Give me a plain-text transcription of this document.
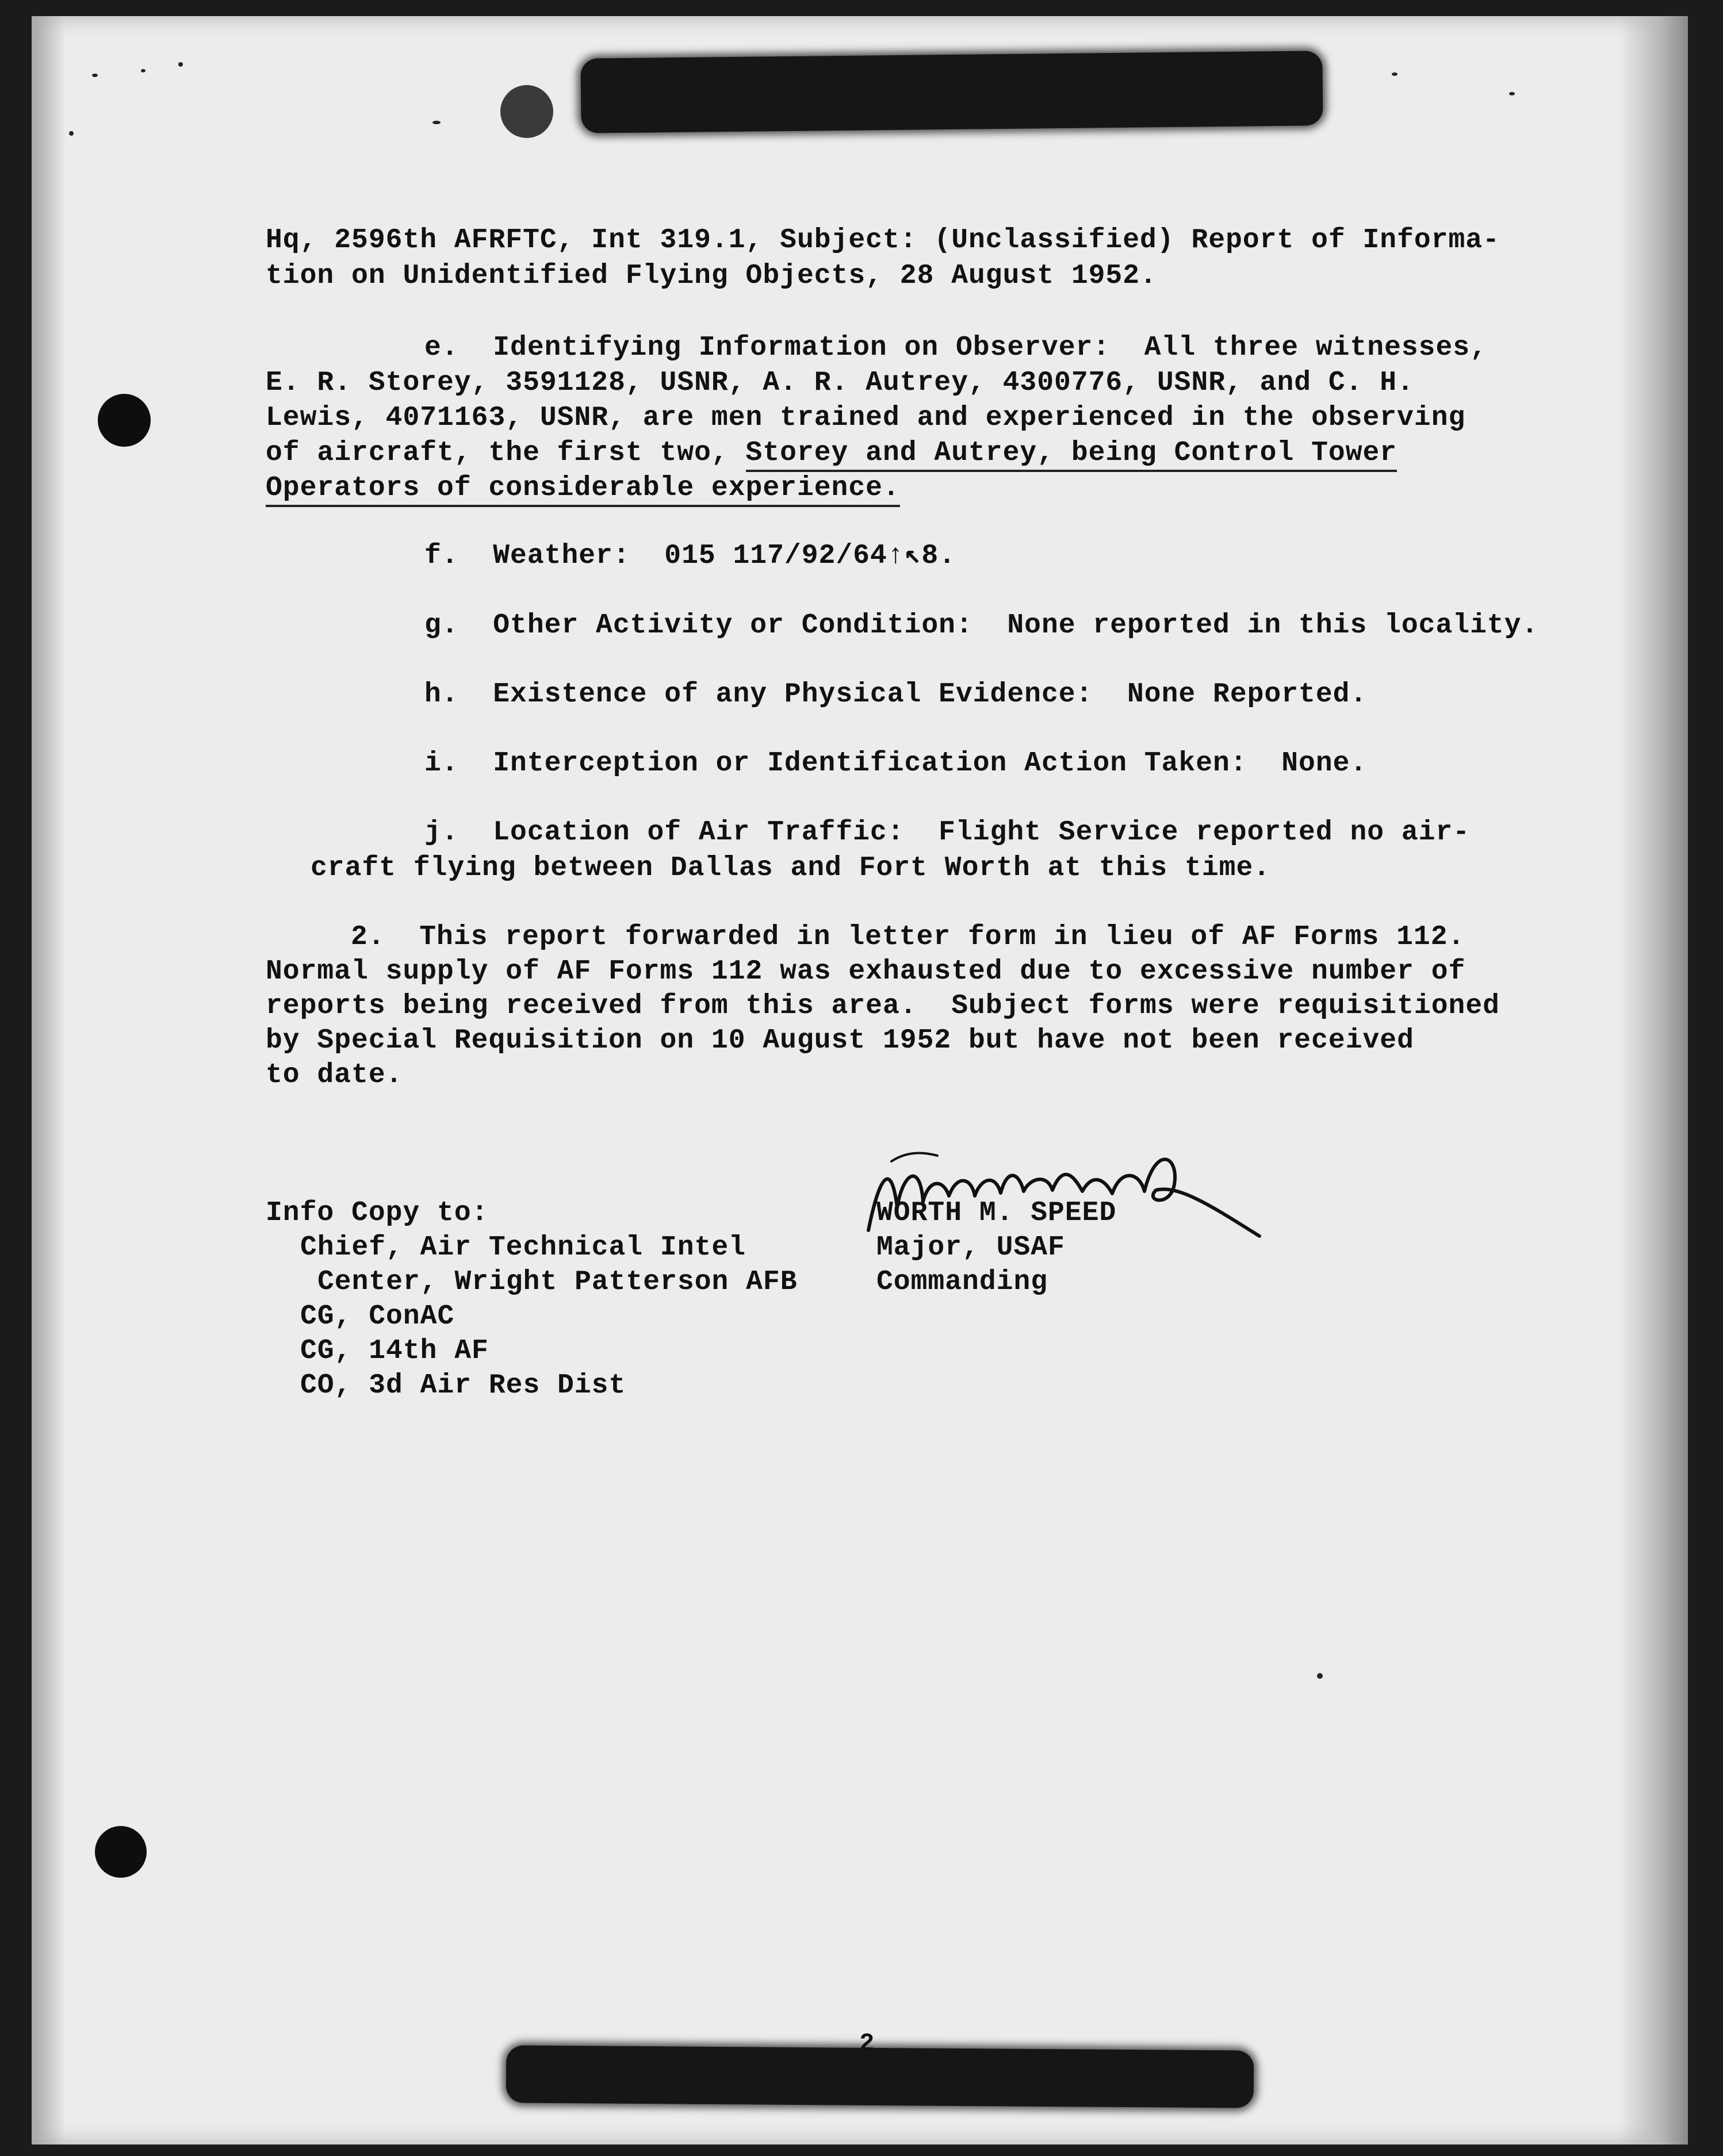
Hq, 2596th AFRFTC, Int 319.1, Subject: (Unclassified) Report of Informa-
tion on Unidentified Flying Objects, 28 August 1952.
e.  Identifying Information on Observer:  All three witnesses,
E. R. Storey, 3591128, USNR, A. R. Autrey, 4300776, USNR, and C. H.
Lewis, 4071163, USNR, are men trained and experienced in the observing
of aircraft, the first two, Storey and Autrey, being Control Tower
Operators of considerable experience.
f.  Weather:  015 117/92/64↑↖8.
g.  Other Activity or Condition:  None reported in this locality.
h.  Existence of any Physical Evidence:  None Reported.
i.  Interception or Identification Action Taken:  None.
j.  Location of Air Traffic:  Flight Service reported no air-
craft flying between Dallas and Fort Worth at this time.
2.  This report forwarded in letter form in lieu of AF Forms 112.
Normal supply of AF Forms 112 was exhausted due to excessive number of
reports being received from this area.  Subject forms were requisitioned
by Special Requisition on 10 August 1952 but have not been received
to date.
Info Copy to:
Chief, Air Technical Intel
Center, Wright Patterson AFB
CG, ConAC
CG, 14th AF
CO, 3d Air Res Dist
WORTH M. SPEED
Major, USAF
Commanding
2
